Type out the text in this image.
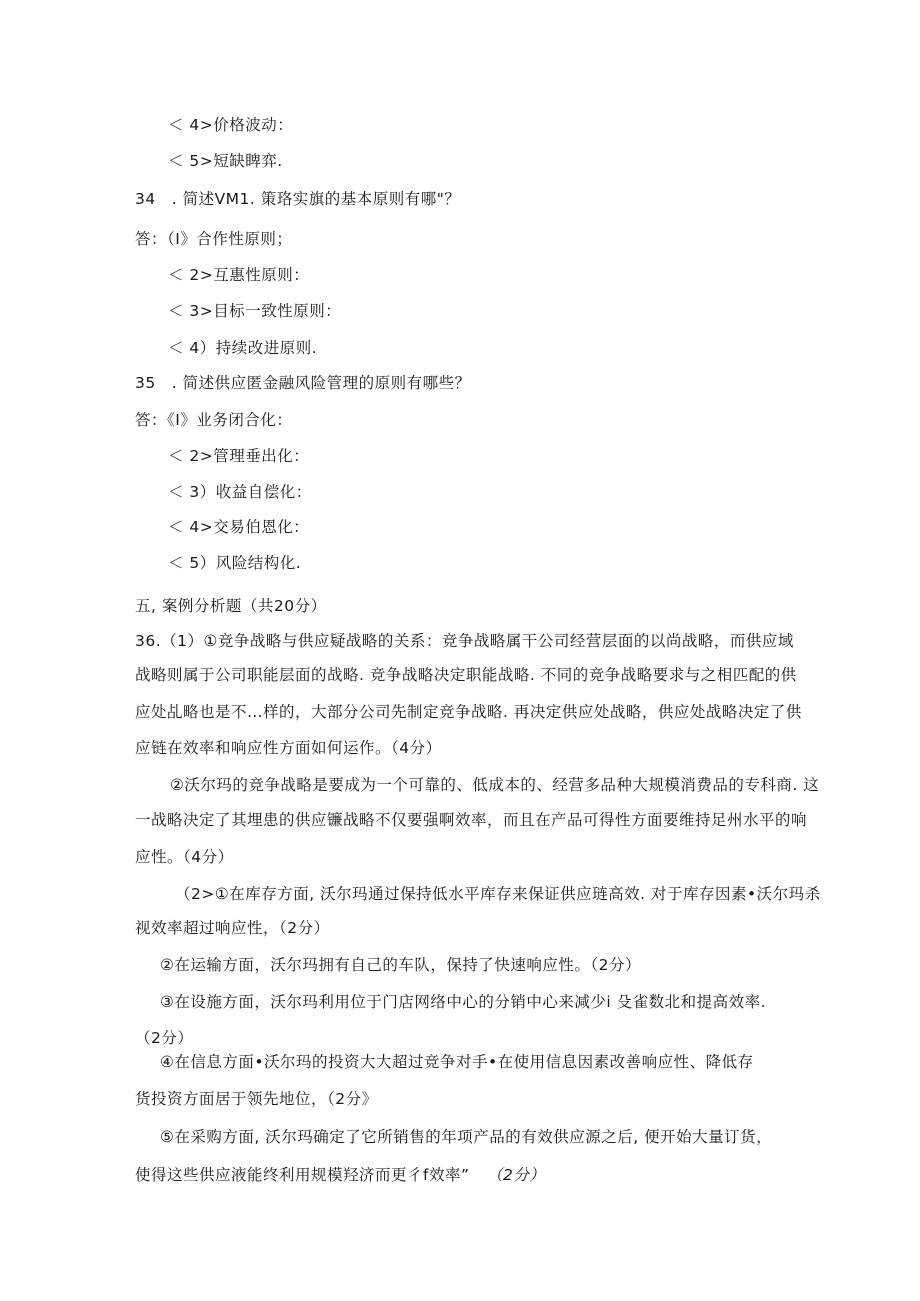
＜ 4>价格波动：
＜ 5>短缺睥弈.
34　. 简述VM1. 策珞实旗的基本原则有哪"？
答：（I》合作性原则；
＜ 2>互惠性原则：
＜ 3>目标一致性原则：
＜ 4）持续改进原则.
35　. 简述供应匿金融风险管理的原则有哪些？
答：《I》业务闭合化：
＜ 2>管理垂出化：
＜ 3）收益自偿化：
＜ 4>交易伯恩化：
＜ 5）风险结构化.
五, 案例分析题（共20分）
36.（1）①竞争战略与供应疑战略的关系：竞争战略属干公司经营层面的以尚战略，而供应域
战略则属于公司职能层面的战略. 竞争战略决定职能战略. 不同的竞争战略要求与之相匹配的供
应处乩略也是不…样的，大部分公司先制定竞争战略. 再决定供应处战略，供应处战略决定了供
应链在效率和响应性方面如何运作。（4分）
②沃尔玛的竞争战略是要成为一个可靠的、低成本的、经营多品种大规模消费品的专科商. 这
一战略决定了其埋患的供应镰战略不仅要强啊效率，而且在产品可得性方面要维持足州水平的响
应性。（4分）
（2>①在库存方面, 沃尔玛通过保持低水平库存来保证供应琏高效. 对于库存因素•沃尔玛杀
视效率超过响应性，（2分）
②在运输方面，沃尔玛拥有自己的车队，保持了快速响应性。（2分）
③在设施方面，沃尔玛利用位于门店网络中心的分销中心来减少i 殳雀数北和提高效率.
（2分）
④在信息方面•沃尔玛的投资大大超过竞争对手•在使用信息因素改善响应性、降低存
货投资方面居于领先地位，（2分》
⑤在采购方面, 沃尔玛确定了它所销售的年项产品的有效供应源之后, 便开始大量订货，
使得这些供应液能终利用规模羟济而更彳f效率” （2分）
